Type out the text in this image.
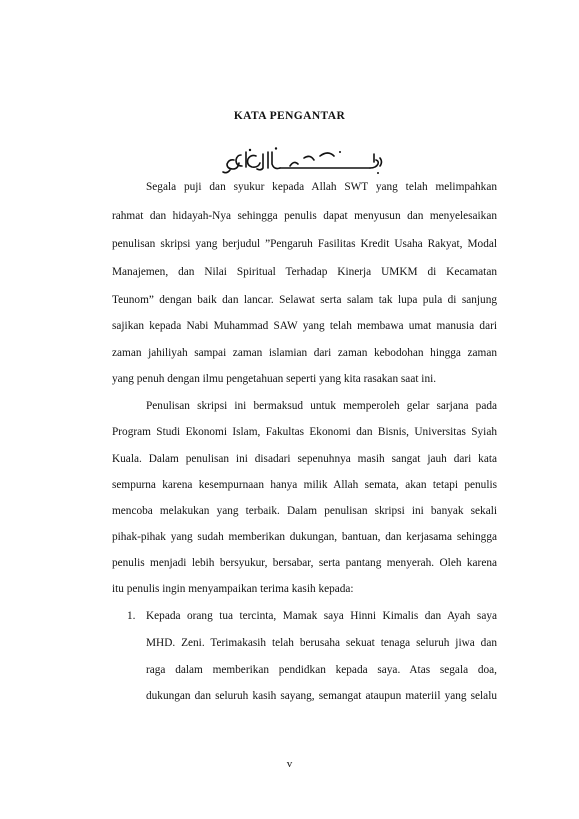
KATA PENGANTAR
Segala puji dan syukur kepada Allah SWT yang telah melimpahkan
rahmat dan hidayah-Nya sehingga penulis dapat menyusun dan menyelesaikan
penulisan skripsi yang berjudul ”Pengaruh Fasilitas Kredit Usaha Rakyat, Modal
Manajemen, dan Nilai Spiritual Terhadap Kinerja UMKM di Kecamatan
Teunom” dengan baik dan lancar. Selawat serta salam tak lupa pula di sanjung
sajikan kepada Nabi Muhammad SAW yang telah membawa umat manusia dari
zaman jahiliyah sampai zaman islamian dari zaman kebodohan hingga zaman
yang penuh dengan ilmu pengetahuan seperti yang kita rasakan saat ini.
Penulisan skripsi ini bermaksud untuk memperoleh gelar sarjana pada
Program Studi Ekonomi Islam, Fakultas Ekonomi dan Bisnis, Universitas Syiah
Kuala. Dalam penulisan ini disadari sepenuhnya masih sangat jauh dari kata
sempurna karena kesempurnaan hanya milik Allah semata, akan tetapi penulis
mencoba melakukan yang terbaik. Dalam penulisan skripsi ini banyak sekali
pihak-pihak yang sudah memberikan dukungan, bantuan, dan kerjasama sehingga
penulis menjadi lebih bersyukur, bersabar, serta pantang menyerah. Oleh karena
itu penulis ingin menyampaikan terima kasih kepada:
1. Kepada orang tua tercinta, Mamak saya Hinni Kimalis dan Ayah saya
MHD. Zeni. Terimakasih telah berusaha sekuat tenaga seluruh jiwa dan
raga dalam memberikan pendidkan kepada saya. Atas segala doa,
dukungan dan seluruh kasih sayang, semangat ataupun materiil yang selalu
v
